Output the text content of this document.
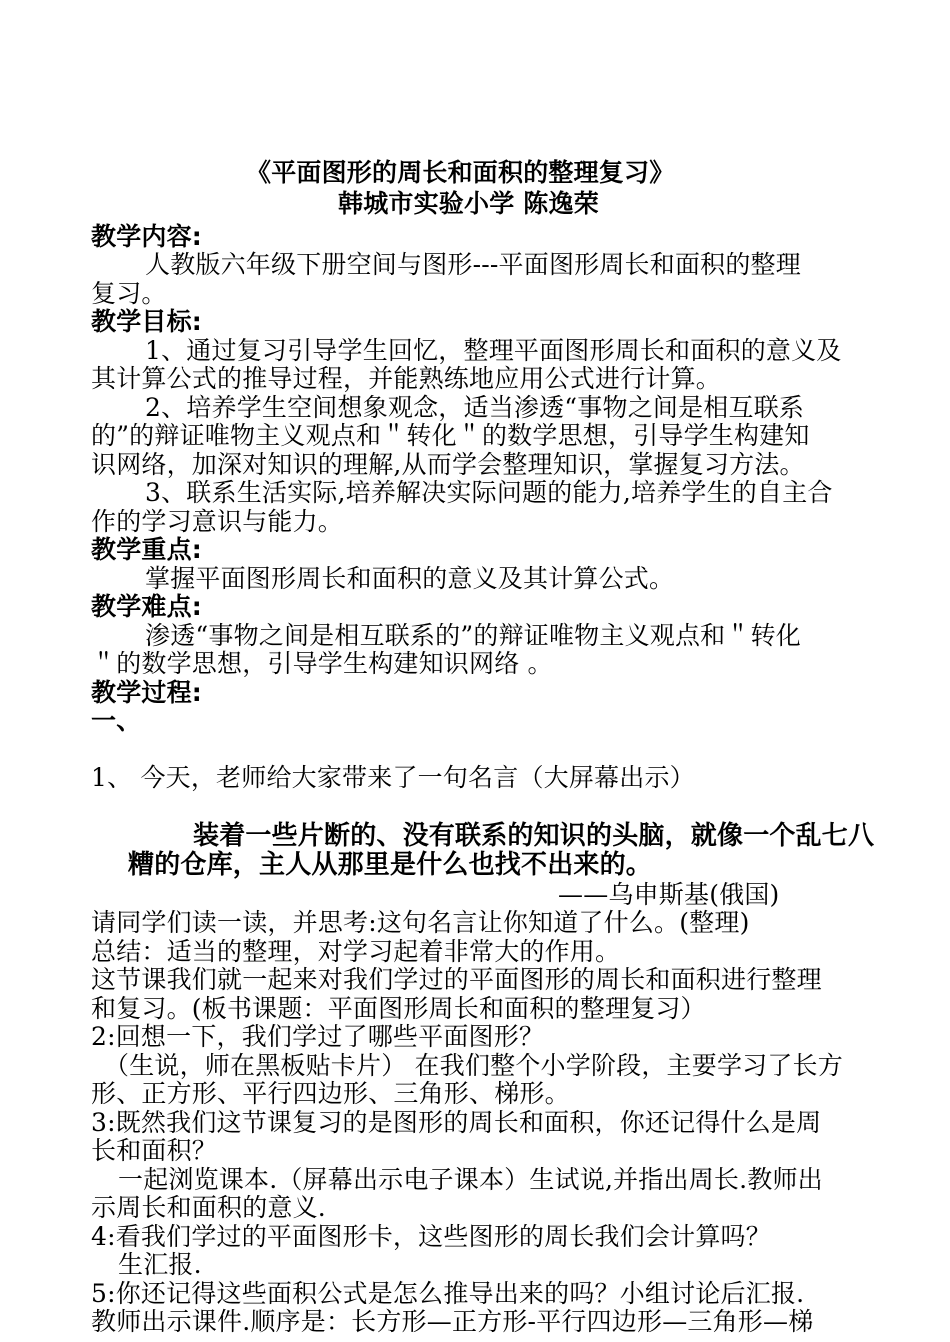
《平面图形的周长和面积的整理复习》
韩城市实验小学 陈逸荣
教学内容:
人教版六年级下册空间与图形---平面图形周长和面积的整理
复习。
教学目标:
1、通过复习引导学生回忆，整理平面图形周长和面积的意义及
其计算公式的推导过程，并能熟练地应用公式进行计算。
2、培养学生空间想象观念，适当渗透“事物之间是相互联系
的”的辩证唯物主义观点和＂转化＂的数学思想，引导学生构建知
识网络，加深对知识的理解,从而学会整理知识，掌握复习方法。
3、联系生活实际,培养解决实际问题的能力,培养学生的自主合
作的学习意识与能力。
教学重点:
掌握平面图形周长和面积的意义及其计算公式。
教学难点:
渗透“事物之间是相互联系的”的辩证唯物主义观点和＂转化
＂的数学思想，引导学生构建知识网络 。
教学过程:
一、
1、 今天，老师给大家带来了一句名言（大屏幕出示）
装着一些片断的、没有联系的知识的头脑，就像一个乱七八
糟的仓库，主人从那里是什么也找不出来的。
——乌申斯基(俄国)
请同学们读一读，并思考:这句名言让你知道了什么。(整理)
总结：适当的整理，对学习起着非常大的作用。
这节课我们就一起来对我们学过的平面图形的周长和面积进行整理
和复习。(板书课题：平面图形周长和面积的整理复习）
2:回想一下，我们学过了哪些平面图形？
（生说，师在黑板贴卡片） 在我们整个小学阶段，主要学习了长方
形、正方形、平行四边形、三角形、梯形。
3:既然我们这节课复习的是图形的周长和面积，你还记得什么是周
长和面积？
一起浏览课本.（屏幕出示电子课本）生试说,并指出周长.教师出
示周长和面积的意义.
4:看我们学过的平面图形卡，这些图形的周长我们会计算吗？
生汇报.
5:你还记得这些面积公式是怎么推导出来的吗？小组讨论后汇报.
教师出示课件.顺序是：长方形—正方形-平行四边形—三角形—梯
